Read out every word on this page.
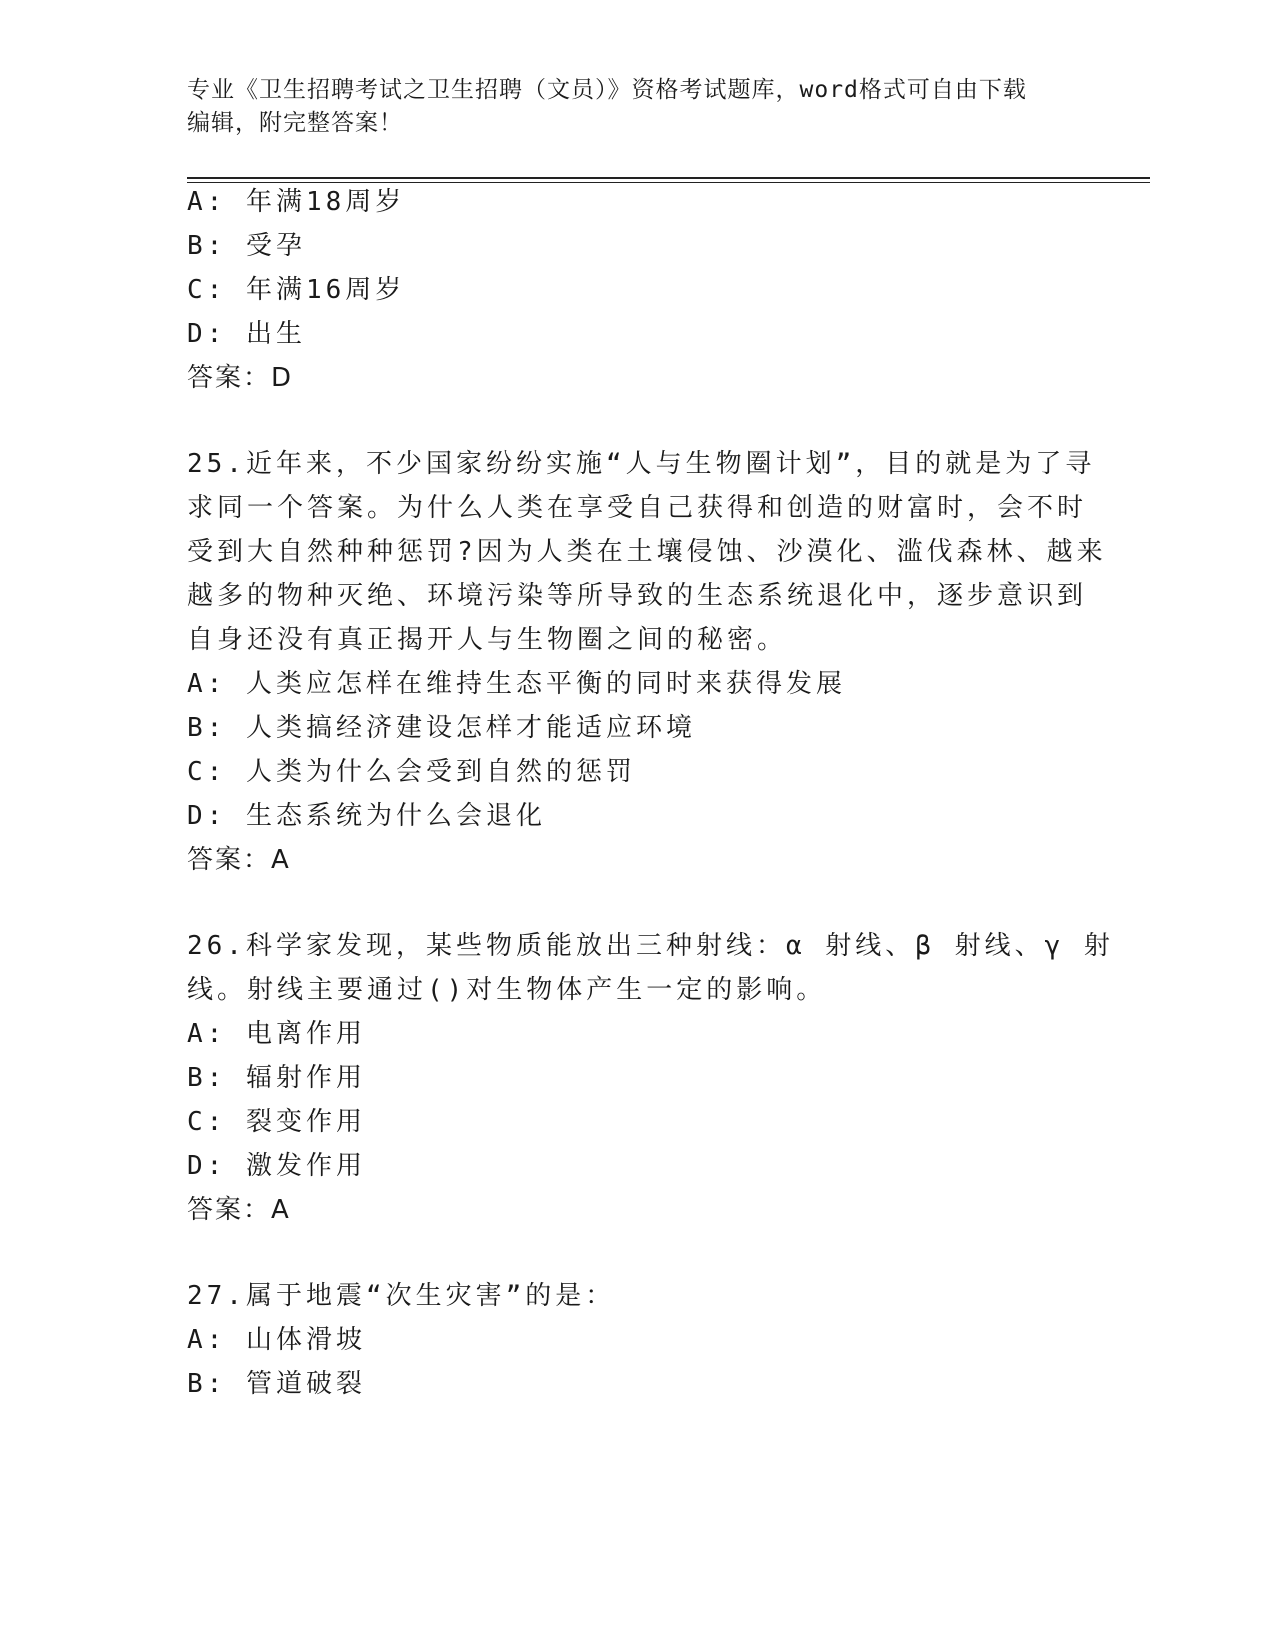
专业《卫生招聘考试之卫生招聘（文员）》资格考试题库，word格式可自由下载
编辑，附完整答案！
A: 年满18周岁
B: 受孕
C: 年满16周岁
D: 出生
答案：D
25.近年来，不少国家纷纷实施“人与生物圈计划”，目的就是为了寻
求同一个答案。为什么人类在享受自己获得和创造的财富时，会不时
受到大自然种种惩罚?因为人类在土壤侵蚀、沙漠化、滥伐森林、越来
越多的物种灭绝、环境污染等所导致的生态系统退化中，逐步意识到
自身还没有真正揭开人与生物圈之间的秘密。
A: 人类应怎样在维持生态平衡的同时来获得发展
B: 人类搞经济建设怎样才能适应环境
C: 人类为什么会受到自然的惩罚
D: 生态系统为什么会退化
答案：A
26.科学家发现，某些物质能放出三种射线：α 射线、β 射线、γ 射
线。射线主要通过()对生物体产生一定的影响。
A: 电离作用
B: 辐射作用
C: 裂变作用
D: 激发作用
答案：A
27.属于地震“次生灾害”的是：
A: 山体滑坡
B: 管道破裂
